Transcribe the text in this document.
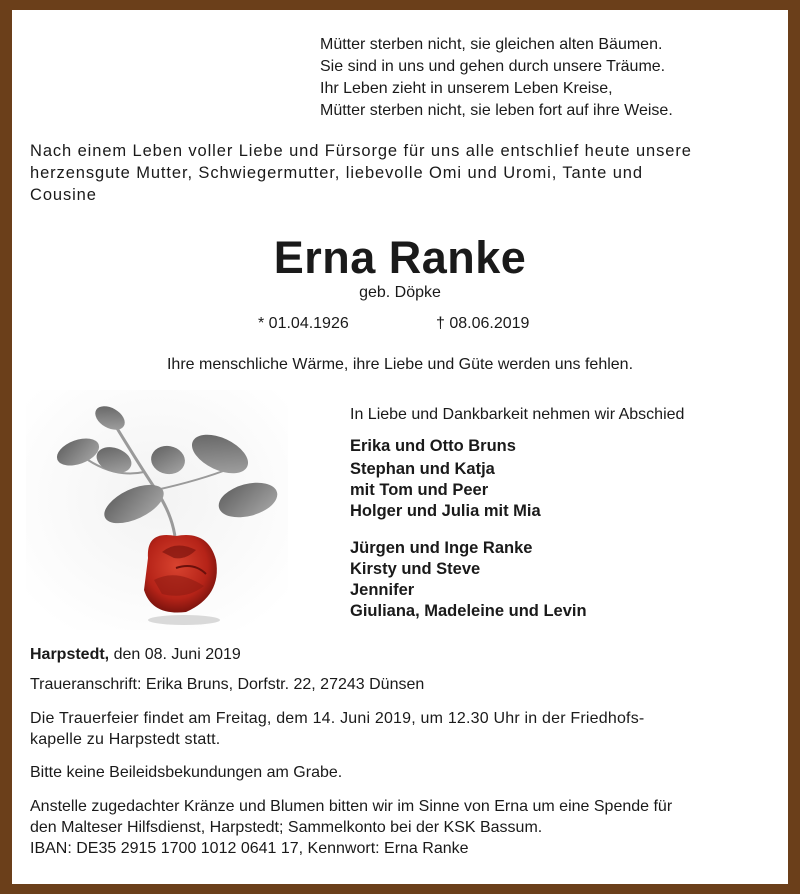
Mütter sterben nicht, sie gleichen alten Bäumen.
Sie sind in uns und gehen durch unsere Träume.
Ihr Leben zieht in unserem Leben Kreise,
Mütter sterben nicht, sie leben fort auf ihre Weise.
Nach einem Leben voller Liebe und Fürsorge für uns alle entschlief heute unsere
herzensgute Mutter, Schwiegermutter, liebevolle Omi und Uromi, Tante und
Cousine
Erna Ranke
geb. Döpke
* 01.04.1926	† 08.06.2019
Ihre menschliche Wärme, ihre Liebe und Güte werden uns fehlen.
In Liebe und Dankbarkeit nehmen wir Abschied
Erika und Otto Bruns
Stephan und Katja
mit Tom und Peer
Holger und Julia mit Mia
Jürgen und Inge Ranke
Kirsty und Steve
Jennifer
Giuliana, Madeleine und Levin
Harpstedt, den 08. Juni 2019
Traueranschrift: Erika Bruns, Dorfstr. 22, 27243 Dünsen
Die Trauerfeier findet am Freitag, dem 14. Juni 2019, um 12.30 Uhr in der Friedhofs-
kapelle zu Harpstedt statt.
Bitte keine Beileidsbekundungen am Grabe.
Anstelle zugedachter Kränze und Blumen bitten wir im Sinne von Erna um eine Spende für
den Malteser Hilfsdienst, Harpstedt; Sammelkonto bei der KSK Bassum.
IBAN: DE35 2915 1700 1012 0641 17, Kennwort: Erna Ranke
